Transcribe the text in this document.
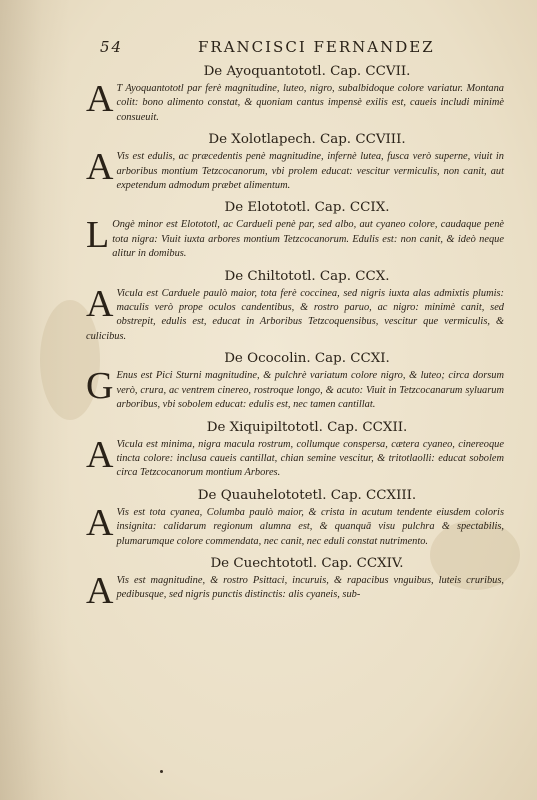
54	FRANCISCI FERNANDEZ
De Ayoquantototl. Cap. CCVII.
A T Ayoquantototl par ferè magnitudine, luteo, nigro, subalbidoque colore variatur. Montana colit: bono alimento constat, & quoniam cantus impensè exilis est, caueis includi minimè consueuit.
De Xolotlapech. Cap. CCVIII.
A Vis est edulis, ac præcedentis penè magnitudine, infernè lutea, fusca verò superne, viuit in arboribus montium Tetzcocanorum, vbi prolem educat: vescitur vermiculis, non canit, aut expetendum admodum præbet alimentum.
De Elotototl. Cap. CCIX.
L Ongè minor est Elotototl, ac Cardueli penè par, sed albo, aut cyaneo colore, caudaque penè tota nigra: Viuit iuxta arbores montium Tetzcocanorum. Edulis est: non canit, & ideò neque alitur in domibus.
De Chiltototl. Cap. CCX.
A Vicula est Carduele paulò maior, tota ferè coccinea, sed nigris iuxta alas admixtis plumis: maculis verò prope oculos candentibus, & rostro paruo, ac nigro: minimè canit, sed obstrepit, edulis est, educat in Arboribus Tetzcoquensibus, vescitur que vermiculis, & culicibus.
De Ococolin. Cap. CCXI.
G Enus est Pici Sturni magnitudine, & pulchrè variatum colore nigro, & luteo; circa dorsum verò, crura, ac ventrem cinereo, rostroque longo, & acuto: Viuit in Tetzcocanarum syluarum arboribus, vbi sobolem educat: edulis est, nec tamen cantillat.
De Xiquipiltototl. Cap. CCXII.
A Vicula est minima, nigra macula rostrum, collumque conspersa, cætera cyaneo, cinereoque tincta colore: inclusa caueis cantillat, chian semine vescitur, & tritotlaolli: educat sobolem circa Tetzcocanorum montium Arbores.
De Quauhelototetl. Cap. CCXIII.
A Vis est tota cyanea, Columba paulò maior, & crista in acutum tendente eiusdem coloris insignita: calidarum regionum alumna est, & quanquā visu pulchra & spectabilis, plumarumque colore commendata, nec canit, nec eduli constat nutrimento.
De Cuechtototl. Cap. CCXIV.
A Vis est magnitudine, & rostro Psittaci, incuruis, & rapacibus vnguibus, luteis cruribus, pedibusque, sed nigris punctis distinctis: alis cyaneis, sub-
